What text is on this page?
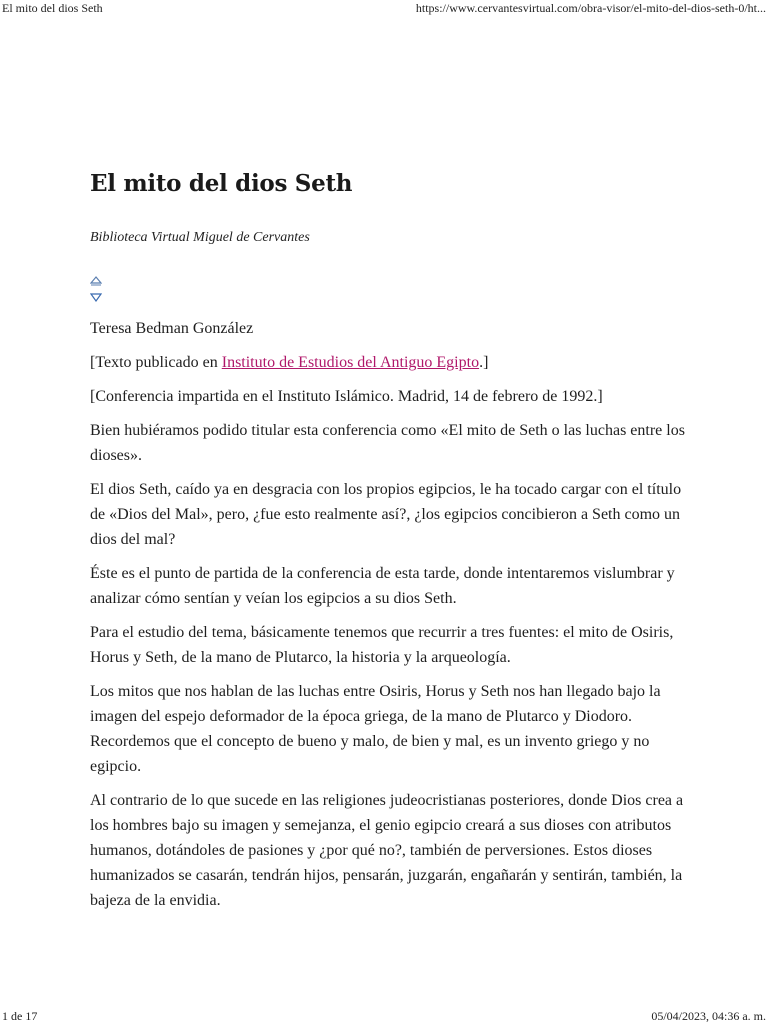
El mito del dios Seth	https://www.cervantesvirtual.com/obra-visor/el-mito-del-dios-seth-0/ht...
El mito del dios Seth
Biblioteca Virtual Miguel de Cervantes

Teresa Bedman González

[Texto publicado en Instituto de Estudios del Antiguo Egipto.]

[Conferencia impartida en el Instituto Islámico. Madrid, 14 de febrero de 1992.]

Bien hubiéramos podido titular esta conferencia como «El mito de Seth o las luchas entre los dioses».

El dios Seth, caído ya en desgracia con los propios egipcios, le ha tocado cargar con el título de «Dios del Mal», pero, ¿fue esto realmente así?, ¿los egipcios concibieron a Seth como un dios del mal?

Éste es el punto de partida de la conferencia de esta tarde, donde intentaremos vislumbrar y analizar cómo sentían y veían los egipcios a su dios Seth.

Para el estudio del tema, básicamente tenemos que recurrir a tres fuentes: el mito de Osiris, Horus y Seth, de la mano de Plutarco, la historia y la arqueología.

Los mitos que nos hablan de las luchas entre Osiris, Horus y Seth nos han llegado bajo la imagen del espejo deformador de la época griega, de la mano de Plutarco y Diodoro. Recordemos que el concepto de bueno y malo, de bien y mal, es un invento griego y no egipcio.

Al contrario de lo que sucede en las religiones judeocristianas posteriores, donde Dios crea a los hombres bajo su imagen y semejanza, el genio egipcio creará a sus dioses con atributos humanos, dotándoles de pasiones y ¿por qué no?, también de perversiones. Estos dioses humanizados se casarán, tendrán hijos, pensarán, juzgarán, engañarán y sentirán, también, la bajeza de la envidia.

1 de 17	05/04/2023, 04:36 a. m.
